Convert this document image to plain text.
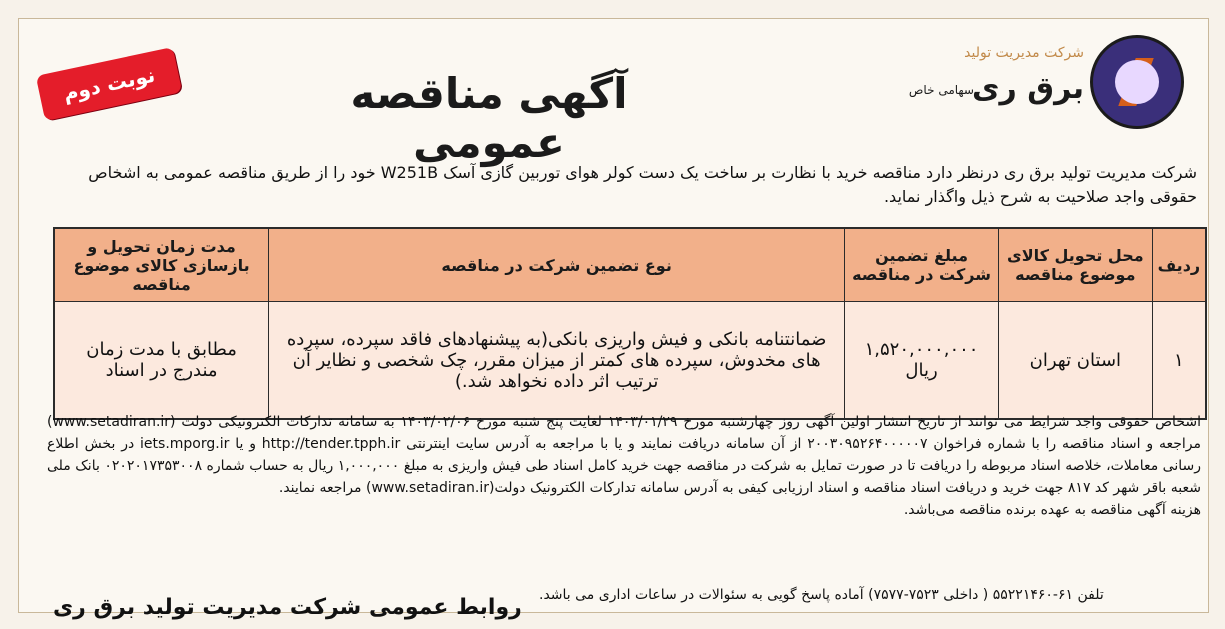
شرکت مدیریت تولید
برق ری
سهامی خاص
آگهی مناقصه عمومی
نوبت دوم
شرکت مدیریت تولید برق ری درنظر دارد مناقصه خرید با نظارت بر ساخت یک دست کولر هوای توربین گازی آسک W251B خود را از طریق مناقصه عمومی به اشخاص حقوقی واجد صلاحیت به شرح ذیل واگذار نماید.
ردیف	محل تحویل کالای موضوع مناقصه	مبلغ تضمین شرکت در مناقصه	نوع تضمین شرکت در مناقصه	مدت زمان تحویل و بازسازی کالای موضوع مناقصه
۱	استان تهران	۱,۵۲۰,۰۰۰,۰۰۰ ریال	ضمانتنامه بانکی و فیش واریزی بانکی(به پیشنهادهای فاقد سپرده، سپرده های مخدوش، سپرده های کمتر از میزان مقرر، چک شخصی و نظایر آن ترتیب اثر داده نخواهد شد.)	مطابق با مدت زمان مندرج در اسناد
اشخاص حقوقی واجد شرایط می توانند از تاریخ انتشار اولین آگهی روز چهارشنبه مورخ ۱۴۰۳/۰۱/۲۹ لغایت پنج شنبه مورخ ۱۴۰۳/۰۲/۰۶ به سامانه تدارکات الکترونیکی دولت (www.setadiran.ir) مراجعه و اسناد مناقصه را با شماره فراخوان ۲۰۰۳۰۹۵۲۶۴۰۰۰۰۰۷ از آن سامانه دریافت نمایند و یا با مراجعه به آدرس سایت اینترنتی http://tender.tpph.ir و یا iets.mporg.ir در بخش اطلاع رسانی معاملات، خلاصه اسناد مربوطه را دریافت تا در صورت تمایل به شرکت در مناقصه جهت خرید کامل اسناد طی فیش واریزی به مبلغ ۱,۰۰۰,۰۰۰ ریال به حساب شماره ۰۲۰۲۰۱۷۳۵۳۰۰۸ بانک ملی شعبه باقر شهر کد ۸۱۷ جهت خرید و دریافت اسناد مناقصه و اسناد ارزیابی کیفی به آدرس سامانه تدارکات الکترونیک دولت(www.setadiran.ir) مراجعه نمایند.
هزینه آگهی مناقصه به عهده برنده مناقصه می‌باشد.
تلفن ۶۱-۵۵۲۲۱۴۶۰ ( داخلی ۷۵۲۳-۷۵۷۷) آماده پاسخ گویی به سئوالات در ساعات اداری می باشد.
روابط عمومی شرکت مدیریت تولید برق ری
